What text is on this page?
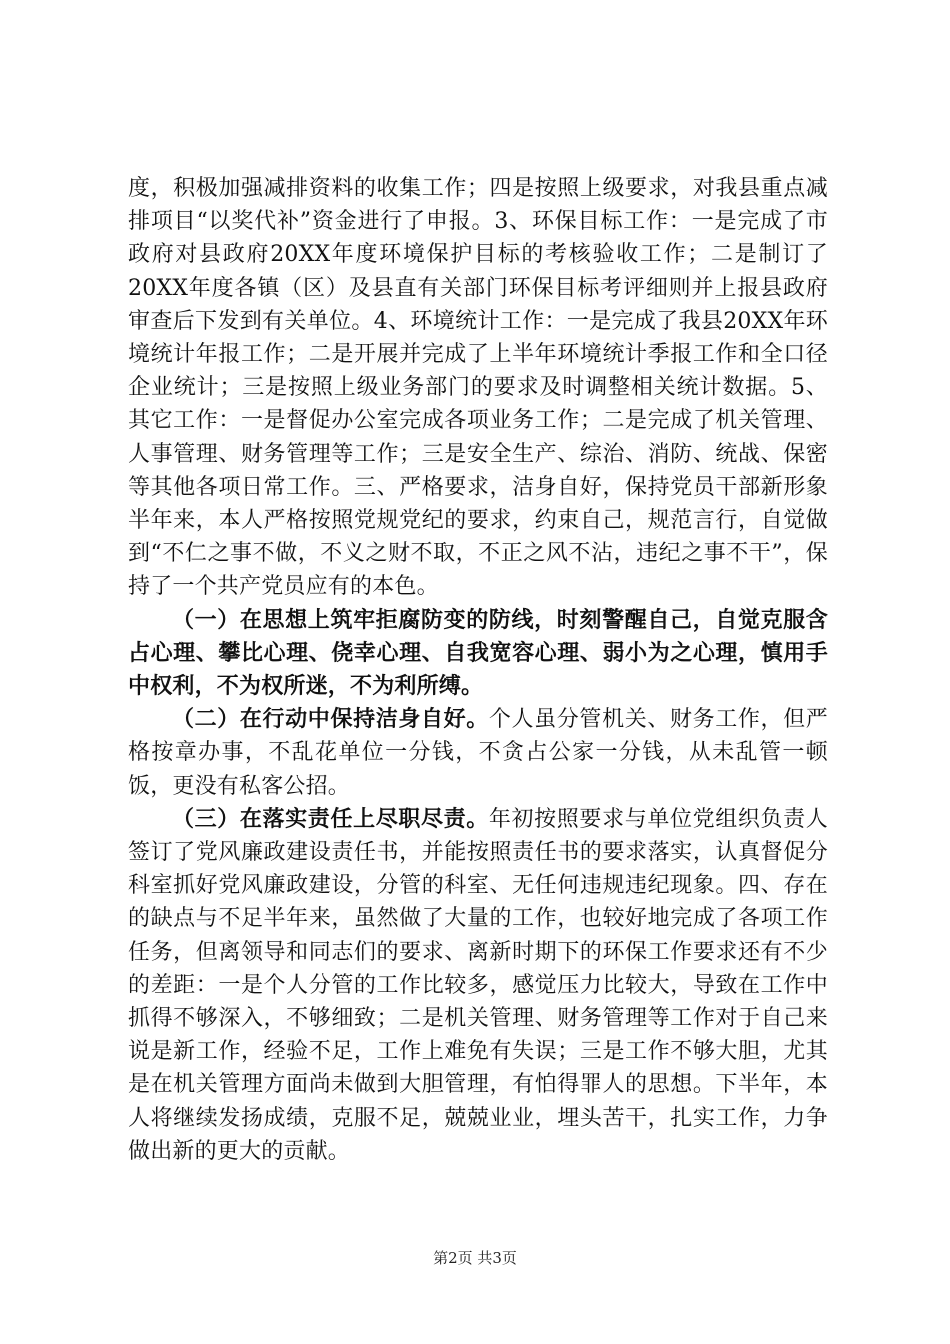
度，积极加强减排资料的收集工作；四是按照上级要求，对我县重点减排项目“以奖代补”资金进行了申报。3、环保目标工作：一是完成了市政府对县政府20XX年度环境保护目标的考核验收工作；二是制订了20XX年度各镇（区）及县直有关部门环保目标考评细则并上报县政府审查后下发到有关单位。4、环境统计工作：一是完成了我县20XX年环境统计年报工作；二是开展并完成了上半年环境统计季报工作和全口径企业统计；三是按照上级业务部门的要求及时调整相关统计数据。5、其它工作：一是督促办公室完成各项业务工作；二是完成了机关管理、人事管理、财务管理等工作；三是安全生产、综治、消防、统战、保密等其他各项日常工作。三、严格要求，洁身自好，保持党员干部新形象半年来，本人严格按照党规党纪的要求，约束自己，规范言行，自觉做到“不仁之事不做，不义之财不取，不正之风不沾，违纪之事不干”，保持了一个共产党员应有的本色。

（一）在思想上筑牢拒腐防变的防线，时刻警醒自己，自觉克服含占心理、攀比心理、侥幸心理、自我宽容心理、弱小为之心理，慎用手中权利，不为权所迷，不为利所缚。

（二）在行动中保持洁身自好。个人虽分管机关、财务工作，但严格按章办事，不乱花单位一分钱，不贪占公家一分钱，从未乱管一顿饭，更没有私客公招。

（三）在落实责任上尽职尽责。年初按照要求与单位党组织负责人签订了党风廉政建设责任书，并能按照责任书的要求落实，认真督促分科室抓好党风廉政建设，分管的科室、无任何违规违纪现象。四、存在的缺点与不足半年来，虽然做了大量的工作，也较好地完成了各项工作任务，但离领导和同志们的要求、离新时期下的环保工作要求还有不少的差距：一是个人分管的工作比较多，感觉压力比较大，导致在工作中抓得不够深入，不够细致；二是机关管理、财务管理等工作对于自己来说是新工作，经验不足，工作上难免有失误；三是工作不够大胆，尤其是在机关管理方面尚未做到大胆管理，有怕得罪人的思想。下半年，本人将继续发扬成绩，克服不足，兢兢业业，埋头苦干，扎实工作，力争做出新的更大的贡献。

第2页 共3页
